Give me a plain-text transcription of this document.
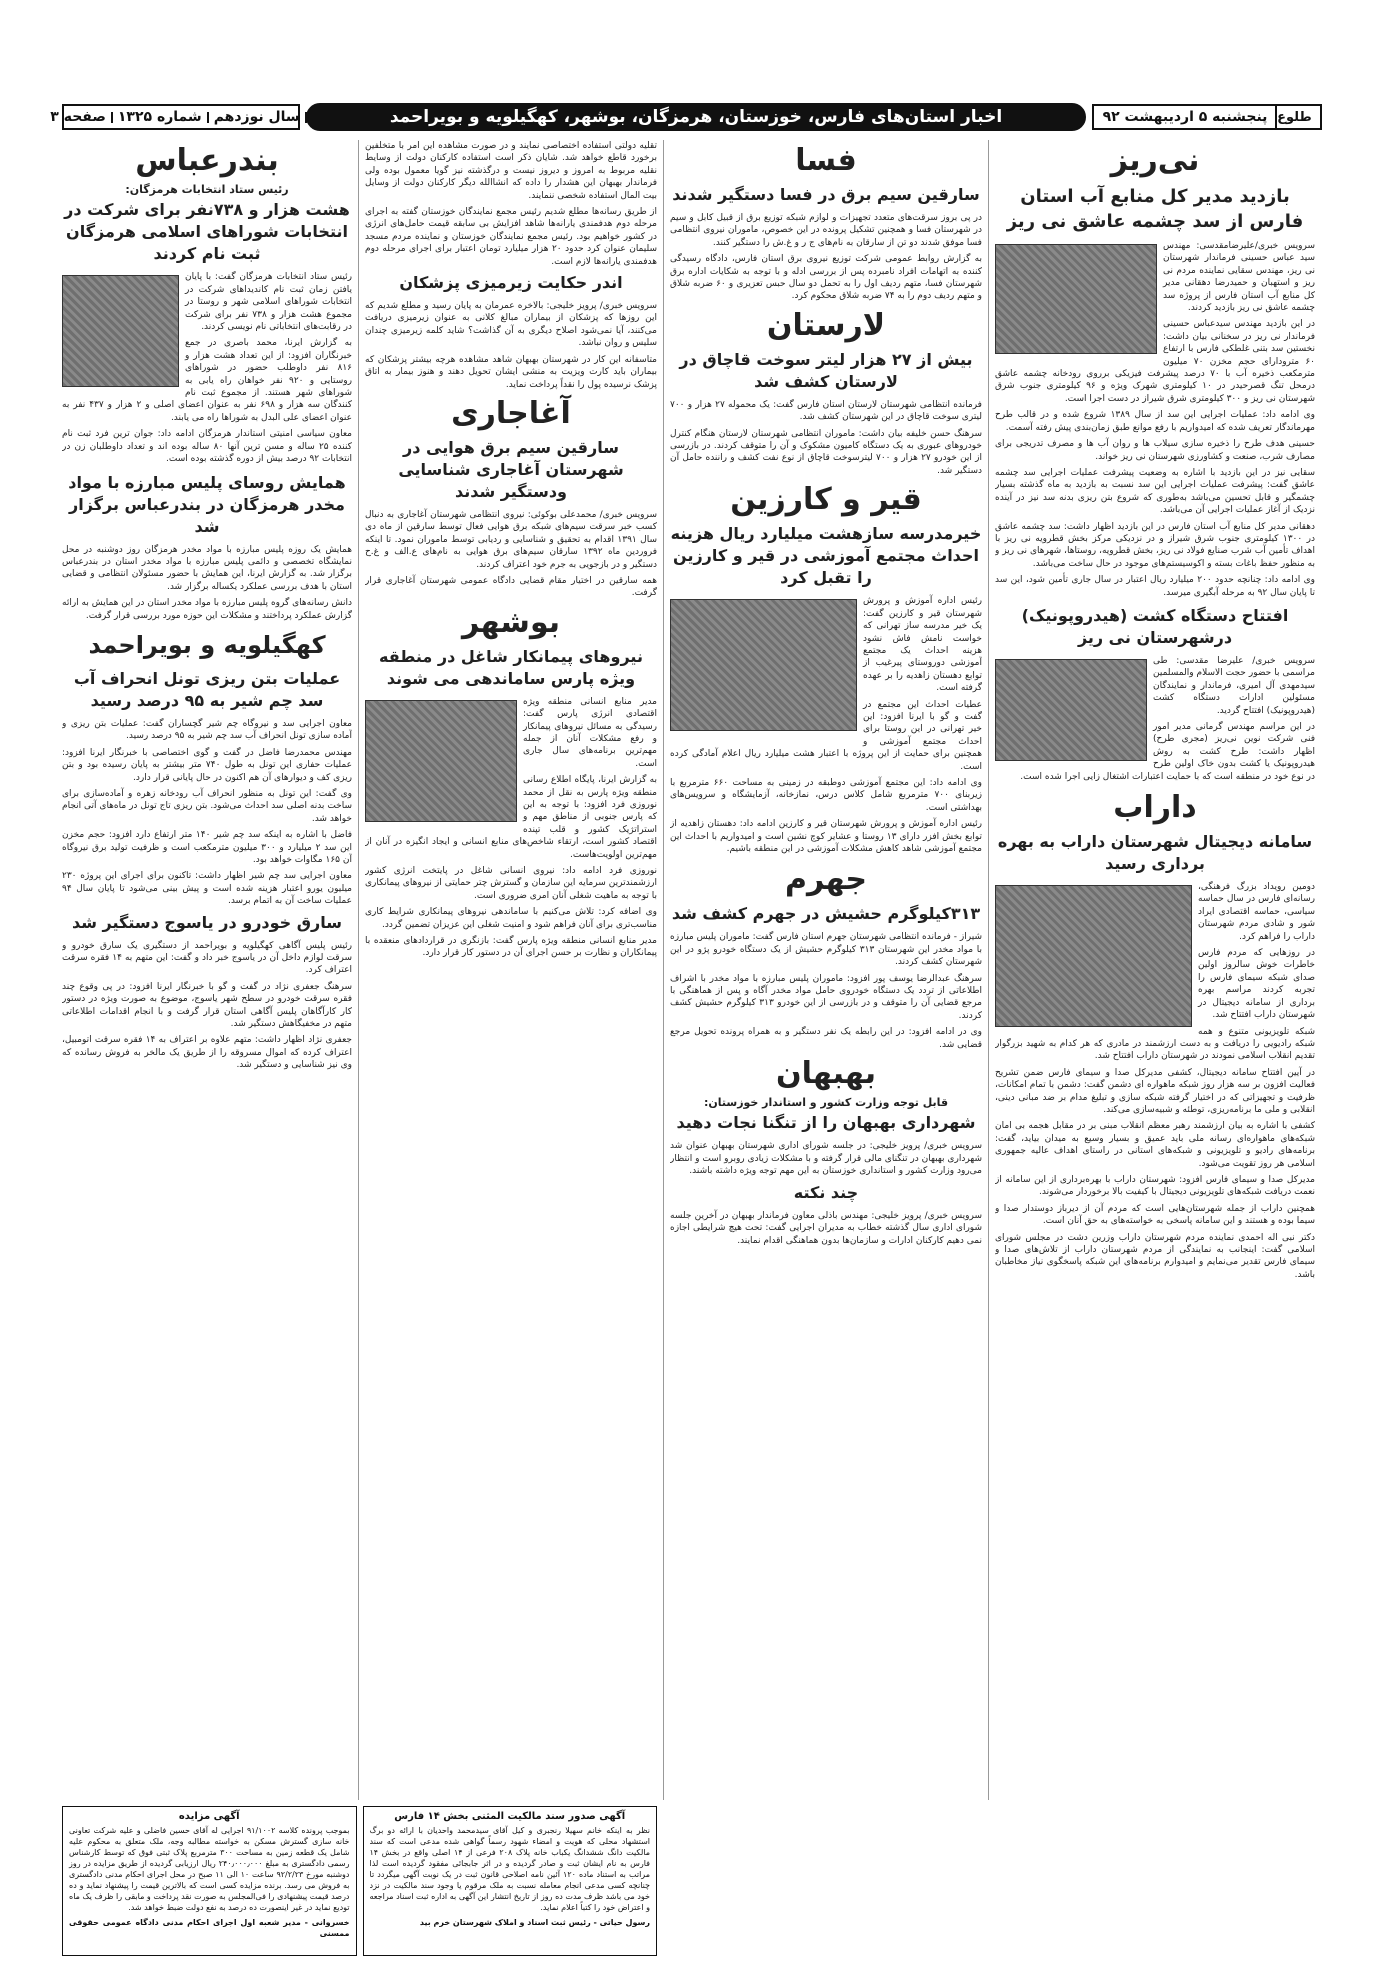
طلوع
پنجشنبه ۵ اردیبهشت ۹۲
اخبار استان‌های فارس، خوزستان، هرمزگان، بوشهر، کهگیلویه و بویراحمد
سال نوزدهم
شماره ۱۳۲۵
صفحه ۳
نی‌ریز
بازدید مدیر کل منابع آب استان فارس از سد چشمه عاشق نی ریز

سرویس خبری/علیرضامقدسی: مهندس سید عباس حسینی فرماندار شهرستان نی ریز، مهندس سقایی نماینده مردم نی ریز و استهبان و حمیدرضا دهقانی مدیر کل منابع آب استان فارس از پروژه سد چشمه عاشق نی ریز بازدید کردند.

در این بازدید مهندس سیدعباس حسینی فرماندار نی ریز در سخنانی بیان داشت: نخستین سد بتنی غلطکی فارس با ارتفاع ۶۰ مترودارای حجم مخزن ۷۰ میلیون مترمکعب ذخیره آب با ۷۰ درصد پیشرفت فیزیکی برروی رودخانه چشمه عاشق درمحل تنگ قصرحیدر در ۱۰ کیلومتری شهرک ویژه و ۹۶ کیلومتری جنوب شرق شهرستان نی ریز و ۳۰۰ کیلومتری شرق شیراز در دست اجرا است.

وی ادامه داد: عملیات اجرایی این سد از سال ۱۳۸۹ شروع شده و در قالب طرح مهرماندگار تعریف شده که امیدواریم با رفع موانع طبق زمان‌بندی پیش رفته آسمت.

حسینی هدف طرح را ذخیره سازی سیلاب ها و روان آب ها و مصرف تدریجی برای مصارف شرب، صنعت و کشاورزی شهرستان نی ریز خواند.

سقایی نیز در این بازدید با اشاره به وضعیت پیشرفت عملیات اجرایی سد چشمه عاشق گفت: پیشرفت عملیات اجرایی این سد نسبت به بازدید به ماه گذشته بسیار چشمگیر و قابل تحسین می‌باشد به‌طوری که شروع بتن ریزی بدنه سد نیز در آینده نزدیک از آغاز عملیات اجرایی آن می‌باشد.

دهقانی مدیر کل منابع آب استان فارس در این بازدید اظهار داشت: سد چشمه عاشق در ۱۳۰۰ کیلومتری جنوب شرق شیراز و در نزدیکی مرکز بخش قطرویه نی ریز با اهداف تأمین آب شرب صنایع فولاد نی ریز، بخش قطرویه، روستاها، شهرهای نی ریز و به منظور حفظ باغات بسته و اکوسیستم‌های موجود در حال ساخت می‌باشد.

وی ادامه داد: چنانچه حدود ۲۰۰ میلیارد ریال اعتبار در سال جاری تأمین شود، این سد تا پایان سال ۹۲ به مرحله آبگیری میرسد.

افتتاح دستگاه کشت (هیدروپونیک) درشهرستان نی ریز

سرویس خبری/ علیرضا مقدسی: طی مراسمی با حضور حجت الاسلام والمسلمین سیدمهدی آل امیری، فرماندار و نمایندگان مسئولین ادارات دستگاه کشت (هیدروپونیک) افتتاح گردید.

در این مراسم مهندس گرمانی مدیر امور فنی شرکت نوین نی‌ریز (مجری طرح) اظهار داشت: طرح کشت به روش هیدروپونیک یا کشت بدون خاک اولین طرح در نوع خود در منطقه است که با حمایت اعتبارات اشتغال زایی اجرا شده است.

داراب
سامانه دیجیتال شهرستان داراب به بهره برداری رسید

دومین رویداد بزرگ فرهنگی، رسانه‌ای فارس در سال حماسه سیاسی، حماسه اقتصادی ایراد شور و شادی مردم شهرستان داراب را فراهم کرد.

در روزهایی که مردم فارس خاطرات خوش سالروز اولین صدای شبکه سیمای فارس را تجربه کردند مراسم بهره برداری از سامانه دیجیتال در شهرستان داراب افتتاح شد.

شبکه تلویزیونی متنوع و همه شبکه رادیویی را دریافت و به دست ارزشمند در مادری که هر کدام به شهید بزرگوار تقدیم انقلاب اسلامی نمودند در شهرستان داراب افتتاح شد.

در آیین افتتاح سامانه دیجیتال، کشفی مدیرکل صدا و سیمای فارس ضمن تشریح فعالیت افزون بر سه هزار روز شبکه ماهواره ای دشمن گفت: دشمن با تمام امکانات، ظرفیت و تجهیزاتی که در اختیار گرفته شبکه سازی و تبلیغ مدام بر ضد مبانی دینی، انقلابی و ملی ما برنامه‌ریزی، توطئه و شبیه‌سازی می‌کند.

کشفی با اشاره به بیان ارزشمند رهبر معظم انقلاب مبنی بر در مقابل هجمه بی امان شبکه‌های ماهواره‌ای رسانه ملی باید عمیق و بسیار وسیع به میدان بیاید، گفت: برنامه‌های رادیو و تلویزیونی و شبکه‌های استانی در راستای اهداف عالیه جمهوری اسلامی هر روز تقویت می‌شود.

مدیرکل صدا و سیمای فارس افزود: شهرستان داراب با بهره‌برداری از این سامانه از نعمت دریافت شبکه‌های تلویزیونی دیجیتال با کیفیت بالا برخوردار می‌شوند.

همچنین داراب از جمله شهرستان‌هایی است که مردم آن از دیرباز دوستدار صدا و سیما بوده و هستند و این سامانه پاسخی به خواسته‌های به حق آنان است.

دکتر نبی اله احمدی نماینده مردم شهرستان داراب وزرین دشت در مجلس شورای اسلامی گفت: اینجانب به نمایندگی از مردم شهرستان داراب از تلاش‌های صدا و سیمای فارس تقدیر می‌نمایم و امیدوارم برنامه‌های این شبکه پاسخگوی نیاز مخاطبان باشد.

فسا
سارقین سیم برق در فسا دستگیر شدند

در پی بروز سرقت‌های متعدد تجهیزات و لوازم شبکه توزیع برق از قبیل کابل و سیم در شهرستان فسا و همچنین تشکیل پرونده در این خصوص، ماموران نیروی انتظامی فسا موفق شدند دو تن از سارقان به نام‌های ج ر و غ.ش را دستگیر کنند.

به گزارش روابط عمومی شرکت توزیع نیروی برق استان فارس، دادگاه رسیدگی کننده به اتهامات افراد نامبرده پس از بررسی ادله و با توجه به شکایات اداره برق شهرستان فسا، متهم ردیف اول را به تحمل دو سال حبس تعزیری و ۶۰ ضربه شلاق و متهم ردیف دوم را به ۷۴ ضربه شلاق محکوم کرد.

لارستان
بیش از ۲۷ هزار لیتر سوخت قاچاق در لارستان کشف شد

فرمانده انتظامی شهرستان لارستان استان فارس گفت: یک محموله ۲۷ هزار و ۷۰۰ لیتری سوخت قاچاق در این شهرستان کشف شد.

سرهنگ حسن خلیفه بیان داشت: ماموران انتظامی شهرستان لارستان هنگام کنترل خودروهای عبوری به یک دستگاه کامیون مشکوک و آن را متوقف کردند. در بازرسی از این خودرو ۲۷ هزار و ۷۰۰ لیترسوخت قاچاق از نوع نفت کشف و راننده حامل آن دستگیر شد.

قیر و کارزین
خیرمدرسه سازهشت میلیارد ریال هزینه احداث مجتمع آموزشی در قیر و کارزین را تقبل کرد

رئیس اداره آموزش و پرورش شهرستان قیر و کارزین گفت: یک خیر مدرسه ساز تهرانی که خواست نامش فاش نشود هزینه احداث یک مجتمع آموزشی دوروستای پیرغیب از توابع دهستان زاهدیه را بر عهده گرفته است.

عطیات احداث این مجتمع در گفت و گو با ایرنا افزود: این خیر تهرانی در این روستا برای احداث مجتمع آموزشی و همچنین برای حمایت از این پروژه با اعتبار هشت میلیارد ریال اعلام آمادگی کرده است.

وی ادامه داد: این مجتمع آموزشی دوطبقه در زمینی به مساحت ۶۶۰ مترمربع با زیربنای ۷۰۰ مترمربع شامل کلاس درس، نمازخانه، آزمایشگاه و سرویس‌های بهداشتی است.

رئیس اداره آموزش و پرورش شهرستان قیر و کارزین ادامه داد: دهستان زاهدیه از توابع بخش افزر دارای ۱۳ روستا و عشایر کوچ نشین است و امیدواریم با احداث این مجتمع آموزشی شاهد کاهش مشکلات آموزشی در این منطقه باشیم.

جهرم
۳۱۳کیلوگرم حشیش در جهرم کشف شد

شیراز - فرمانده انتظامی شهرستان جهرم استان فارس گفت: ماموران پلیس مبارزه با مواد مخدر این شهرستان ۳۱۳ کیلوگرم حشیش از یک دستگاه خودرو پژو در این شهرستان کشف کردند.

سرهنگ عبدالرضا یوسف پور افزود: ماموران پلیس مبارزه با مواد مخدر با اشراف اطلاعاتی از تردد یک دستگاه خودروی حامل مواد مخدر آگاه و پس از هماهنگی با مرجع قضایی آن را متوقف و در بازرسی از این خودرو ۳۱۳ کیلوگرم حشیش کشف کردند.

وی در ادامه افزود: در این رابطه یک نفر دستگیر و به همراه پرونده تحویل مرجع قضایی شد.

بهبهان
قابل توجه وزارت کشور و استاندار خوزستان:
شهرداری بهبهان را از تنگنا نجات دهید

سرویس خبری/ پرویز خلیجی: در جلسه شورای اداری شهرستان بهبهان عنوان شد شهرداری بهبهان در تنگنای مالی قرار گرفته و با مشکلات زیادی روبرو است و انتظار می‌رود وزارت کشور و استانداری خوزستان به این مهم توجه ویژه داشته باشند.

چند نکته

سرویس خبری/ پرویز خلیجی: مهندس باذلی معاون فرماندار بهبهان در آخرین جلسه شورای اداری سال گذشته خطاب به مدیران اجرایی گفت: تحت هیچ شرایطی اجازه نمی دهیم کارکنان ادارات و سازمان‌ها بدون هماهنگی اقدام نمایند.

تقلیه دولتی استفاده اختصاصی نمایند و در صورت مشاهده این امر با متخلفین برخورد قاطع خواهد شد. شایان ذکر است استفاده کارکنان دولت از وسایط نقلیه مربوط به امروز و دیروز نیست و درگذشته نیز گویا معمول بوده ولی فرماندار بهبهان این هشدار را داده که انشاالله دیگر کارکنان دولت از وسایل بیت المال استفاده شخصی ننمایند.

از طریق رسانه‌ها مطلع شدیم رئیس مجمع نمایندگان خوزستان گفته به اجرای مرحله دوم هدفمندی یارانه‌ها شاهد افزایش بی سابقه قیمت حامل‌های انرژی در کشور خواهیم بود. رئیس مجمع نمایندگان خوزستان و نماینده مردم مسجد سلیمان عنوان کرد حدود ۲۰ هزار میلیارد تومان اعتبار برای اجرای مرحله دوم هدفمندی یارانه‌ها لازم است.

اندر حکایت زیرمیزی پزشکان

سرویس خبری/ پرویز خلیجی: بالاخره عمرمان به پایان رسید و مطلع شدیم که این روزها که پزشکان از بیماران مبالغ کلانی به عنوان زیرمیزی دریافت می‌کنند، آیا نمی‌شود اصلاح دیگری به آن گذاشت؟ شاید کلمه زیرمیزی چندان سلیس و روان نباشد.

متاسفانه این کار در شهرستان بهبهان شاهد مشاهده هرچه بیشتر پزشکان که بیماران باید کارت ویزیت به منشی ایشان تحویل دهند و هنوز بیمار به اتاق پزشک نرسیده پول را نقداً پرداخت نماید.

آغاجاری
سارقین سیم برق هوایی در شهرستان آغاجاری شناسایی ودستگیر شدند

سرویس خبری/ محمدعلی بوکوئی: نیروی انتظامی شهرستان آغاجاری به دنبال کسب خبر سرقت سیم‌های شبکه برق هوایی فعال توسط سارقین از ماه دی سال ۱۳۹۱ اقدام به تحقیق و شناسایی و ردیابی توسط ماموران نمود. تا اینکه فروردین ماه ۱۳۹۲ سارقان سیم‌های برق هوایی به نام‌های ع.الف و غ.ح دستگیر و در بازجویی به جرم خود اعتراف کردند.

همه سارقین در اختیار مقام قضایی دادگاه عمومی شهرستان آغاجاری قرار گرفت.

بوشهر
نیروهای پیمانکار شاغل در منطقه ویژه پارس ساماندهی می شوند

مدیر منابع انسانی منطقه ویژه اقتصادی انرژی پارس گفت: رسیدگی به مسائل نیروهای پیمانکار و رفع مشکلات آنان از جمله مهم‌ترین برنامه‌های سال جاری است.

به گزارش ایرنا، پایگاه اطلاع رسانی منطقه ویژه پارس به نقل از محمد نوروزی فرد افزود: با توجه به این که پارس جنوبی از مناطق مهم و استراتژیک کشور و قلب تپنده اقتصاد کشور است، ارتقاء شاخص‌های منابع انسانی و ایجاد انگیزه در آنان از مهم‌ترین اولویت‌هاست.

نوروزی فرد ادامه داد: نیروی انسانی شاغل در پایتخت انرژی کشور ارزشمندترین سرمایه این سازمان و گسترش چتر حمایتی از نیروهای پیمانکاری با توجه به ماهیت شغلی آنان امری ضروری است.

وی اضافه کرد: تلاش می‌کنیم با ساماندهی نیروهای پیمانکاری شرایط کاری مناسب‌تری برای آنان فراهم شود و امنیت شغلی این عزیزان تضمین گردد.

مدیر منابع انسانی منطقه ویژه پارس گفت: بازنگری در قراردادهای منعقده با پیمانکاران و نظارت بر حسن اجرای آن در دستور کار قرار دارد.

بندرعباس
رئیس ستاد انتخابات هرمزگان:
هشت هزار و ۷۳۸نفر برای شرکت در انتخابات شوراهای اسلامی هرمزگان ثبت نام کردند

رئیس ستاد انتخابات هرمزگان گفت: با پایان یافتن زمان ثبت نام کاندیداهای شرکت در انتخابات شوراهای اسلامی شهر و روستا در مجموع هشت هزار و ۷۳۸ نفر برای شرکت در رقابت‌های انتخاباتی نام نویسی کردند.

به گزارش ایرنا، محمد باصری در جمع خبرنگاران افزود: از این تعداد هشت هزار و ۸۱۶ نفر داوطلب حضور در شوراهای روستایی و ۹۲۰ نفر خواهان راه یابی به شوراهای شهر هستند. از مجموع ثبت نام کنندگان سه هزار و ۶۹۸ نفر به عنوان اعضای اصلی و ۲ هزار و ۴۳۷ نفر به عنوان اعضای علی البدل به شوراها راه می یابند.

معاون سیاسی امنیتی استاندار هرمزگان ادامه داد: جوان ترین فرد ثبت نام کننده ۲۵ ساله و مسن ترین آنها ۸۰ ساله بوده اند و تعداد داوطلبان زن در انتخابات ۹۲ درصد بیش از دوره گذشته بوده است.

همایش روسای پلیس مبارزه با مواد مخدر هرمزگان در بندرعباس برگزار شد

همایش یک روزه پلیس مبارزه با مواد مخدر هرمزگان روز دوشنبه در محل نمایشگاه تخصصی و دائمی پلیس مبارزه با مواد مخدر استان در بندرعباس برگزار شد. به گزارش ایرنا، این همایش با حضور مسئولان انتظامی و قضایی استان با هدف بررسی عملکرد یکساله برگزار شد.

دانش رسانه‌های گروه پلیس مبارزه با مواد مخدر استان در این همایش به ارائه گزارش عملکرد پرداختند و مشکلات این حوزه مورد بررسی قرار گرفت.

کهگیلویه و بویراحمد
عملیات بتن ریزی تونل انحراف آب سد چم شیر به ۹۵ درصد رسید

معاون اجرایی سد و نیروگاه چم شیر گچساران گفت: عملیات بتن ریزی و آماده سازی تونل انحراف آب سد چم شیر به ۹۵ درصد رسید.

مهندس محمدرضا فاضل در گفت و گوی اختصاصی با خبرنگار ایرنا افزود: عملیات حفاری این تونل به طول ۷۴۰ متر بیشتر به پایان رسیده بود و بتن ریزی کف و دیوارهای آن هم اکنون در حال پایانی قرار دارد.

وی گفت: این تونل به منظور انحراف آب رودخانه زهره و آماده‌سازی برای ساخت بدنه اصلی سد احداث می‌شود. بتن ریزی تاج تونل در ماه‌های آتی انجام خواهد شد.

فاضل با اشاره به اینکه سد چم شیر ۱۴۰ متر ارتفاع دارد افزود: حجم مخزن این سد ۲ میلیارد و ۳۰۰ میلیون مترمکعب است و ظرفیت تولید برق نیروگاه آن ۱۶۵ مگاوات خواهد بود.

معاون اجرایی سد چم شیر اظهار داشت: تاکنون برای اجرای این پروژه ۲۳۰ میلیون یورو اعتبار هزینه شده است و پیش بینی می‌شود تا پایان سال ۹۴ عملیات ساخت آن به اتمام برسد.

سارق خودرو در یاسوج دستگیر شد

رئیس پلیس آگاهی کهگیلویه و بویراحمد از دستگیری یک سارق خودرو و سرقت لوازم داخل آن در یاسوج خبر داد و گفت: این متهم به ۱۴ فقره سرقت اعتراف کرد.

سرهنگ جعفری نژاد در گفت و گو با خبرنگار ایرنا افزود: در پی وقوع چند فقره سرقت خودرو در سطح شهر یاسوج، موضوع به صورت ویژه در دستور کار کارآگاهان پلیس آگاهی استان قرار گرفت و با انجام اقدامات اطلاعاتی متهم در مخفیگاهش دستگیر شد.

جعفری نژاد اظهار داشت: متهم علاوه بر اعتراف به ۱۴ فقره سرقت اتومبیل، اعتراف کرده که اموال مسروقه را از طریق یک مالخر به فروش رسانده که وی نیز شناسایی و دستگیر شد.

آگهی صدور سند مالکیت المثنی بخش ۱۴ فارس
نظر به اینکه خانم سهیلا رنجبری و کیل آقای سیدمحمد واحدیان با ارائه دو برگ استشهاد محلی که هویت و امضاء شهود رسماً گواهی شده مدعی است که سند مالکیت دانگ ششدانگ یکباب خانه پلاک ۲۰۸ فرعی از ۱۴ اصلی واقع در بخش ۱۴ فارس به نام ایشان ثبت و صادر گردیده و در اثر جابجائی مفقود گردیده است لذا مراتب به استناد ماده ۱۲۰ آئین نامه اصلاحی قانون ثبت در یک نوبت آگهی میگردد تا چنانچه کسی مدعی انجام معامله نسبت به ملک مرقوم یا وجود سند مالکیت در نزد خود می باشد ظرف مدت ده روز از تاریخ انتشار این آگهی به اداره ثبت اسناد مراجعه و اعتراض خود را کتباً اعلام نماید.
رسول حیاتی - رئیس ثبت اسناد و املاک شهرستان خرم بید
آگهی مزایده
بموجب پرونده کلاسه ۹۱/۱۰۰۲ اجرایی له آقای حسین فاضلی و علیه شرکت تعاونی خانه سازی گسترش مسکن به خواسته مطالبه وجه، ملک متعلق به محکوم علیه شامل یک قطعه زمین به مساحت ۳۰۰ مترمربع پلاک ثبتی فوق که توسط کارشناس رسمی دادگستری به مبلغ ۲۴۰٫۰۰۰٫۰۰۰ ریال ارزیابی گردیده از طریق مزایده در روز دوشنبه مورخ ۹۲/۲/۲۳ ساعت ۱۰ الی ۱۱ صبح در محل اجرای احکام مدنی دادگستری به فروش می رسد. برنده مزایده کسی است که بالاترین قیمت را پیشنهاد نماید و ده درصد قیمت پیشنهادی را فی‌المجلس به صورت نقد پرداخت و مابقی را ظرف یک ماه تودیع نماید در غیر اینصورت ده درصد به نفع دولت ضبط خواهد شد.
خسروانی - مدیر شعبه اول اجرای احکام مدنی دادگاه عمومی حقوقی ممسنی
